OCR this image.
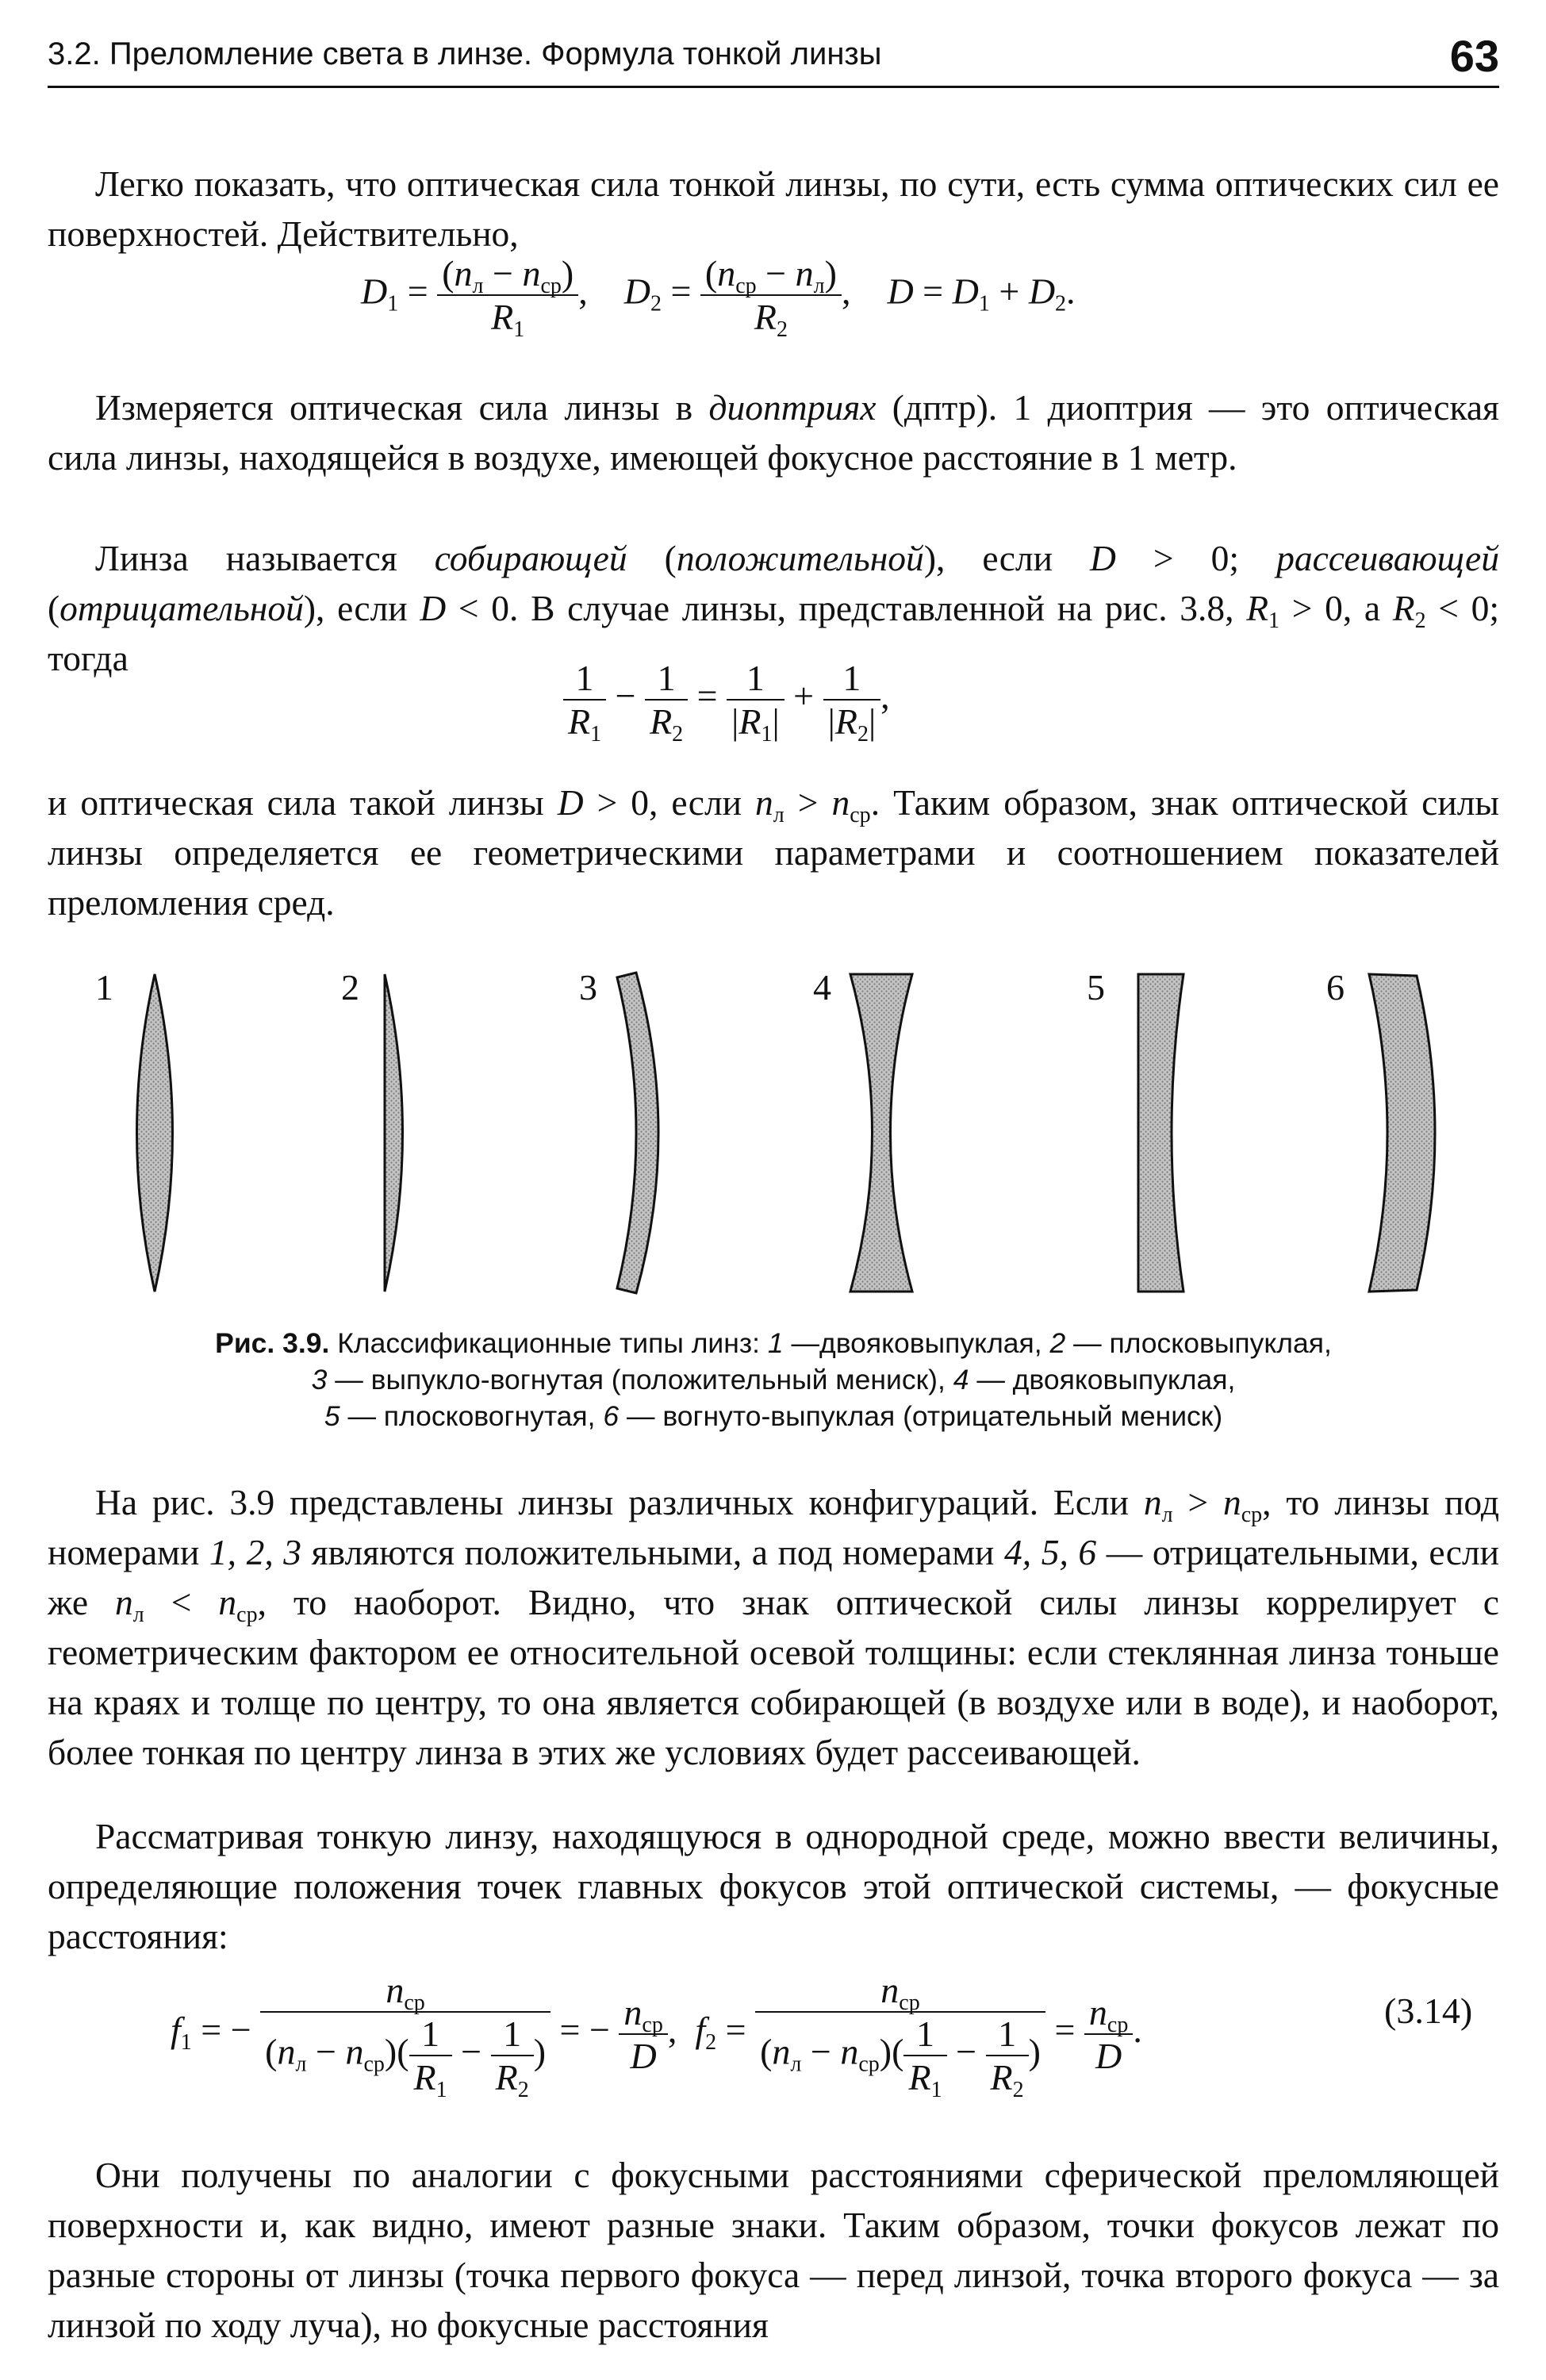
3.2. Преломление света в линзе. Формула тонкой линзы	63

Легко показать, что оптическая сила тонкой линзы, по сути, есть сумма оптических сил ее поверхностей. Действительно,

$D_1 = \frac{(n_л - n_{ср})}{R_1}$ , $D_2 = \frac{(n_{ср} - n_л)}{R_2}$ , $D = D_1 + D_2$.

Измеряется оптическая сила линзы в диоптриях (дптр). 1 диоптрия — это оптическая сила линзы, находящейся в воздухе, имеющей фокусное расстояние в 1 метр.

Линза называется собирающей (положительной), если D > 0; рассеивающей (отрицательной), если D < 0. В случае линзы, представленной на рис. 3.8, $R_1 > 0$, а $R_2 < 0$; тогда	$\frac{1}{R_1} - \frac{1}{R_2} = \frac{1}{|R_1|} + \frac{1}{|R_2|}$ ,

и оптическая сила такой линзы D > 0, если $n_л > n_{ср}$. Таким образом, знак оптической силы линзы определяется ее геометрическими параметрами и соотношением показателей преломления сред.

1	2	3	4	5	6

Рис. 3.9. Классификационные типы линз: 1 —двояковыпуклая, 2 — плосковыпуклая,
3 — выпукло-вогнутая (положительный мениск), 4 — двояковыпуклая,
5 — плосковогнутая, 6 — вогнуто-выпуклая (отрицательный мениск)

На рис. 3.9 представлены линзы различных конфигураций. Если $n_л > n_{ср}$, то линзы под номерами 1, 2, 3 являются положительными, а под номерами 4, 5, 6 — отрицательными, если же $n_л < n_{ср}$, то наоборот. Видно, что знак оптической силы линзы коррелирует с геометрическим фактором ее относительной осевой толщины: если стеклянная линза тоньше на краях и толще по центру, то она является собирающей (в воздухе или в воде), и наоборот, более тонкая по центру линза в этих же условиях будет рассеивающей.

Рассматривая тонкую линзу, находящуюся в однородной среде, можно ввести величины, определяющие положения точек главных фокусов этой оптической системы, — фокусные расстояния:

$f_1$ = − $\frac{n_{ср}}{(n_л - n_{ср})( \frac{1}{R_1} - \frac{1}{R_2} )}$ = − $\frac{n_{ср}}{D}$ , $f_2 = \frac{n_{ср}}{(n_л - n_{ср})( \frac{1}{R_1} - \frac{1}{R_2} )} = \frac{n_{ср}}{D}$ .	(3.14)

Они получены по аналогии с фокусными расстояниями сферической преломляющей поверхности и, как видно, имеют разные знаки. Таким образом, точки фокусов лежат по разные стороны от линзы (точка первого фокуса — перед линзой, точка второго фокуса — за линзой по ходу луча), но фокусные расстояния
